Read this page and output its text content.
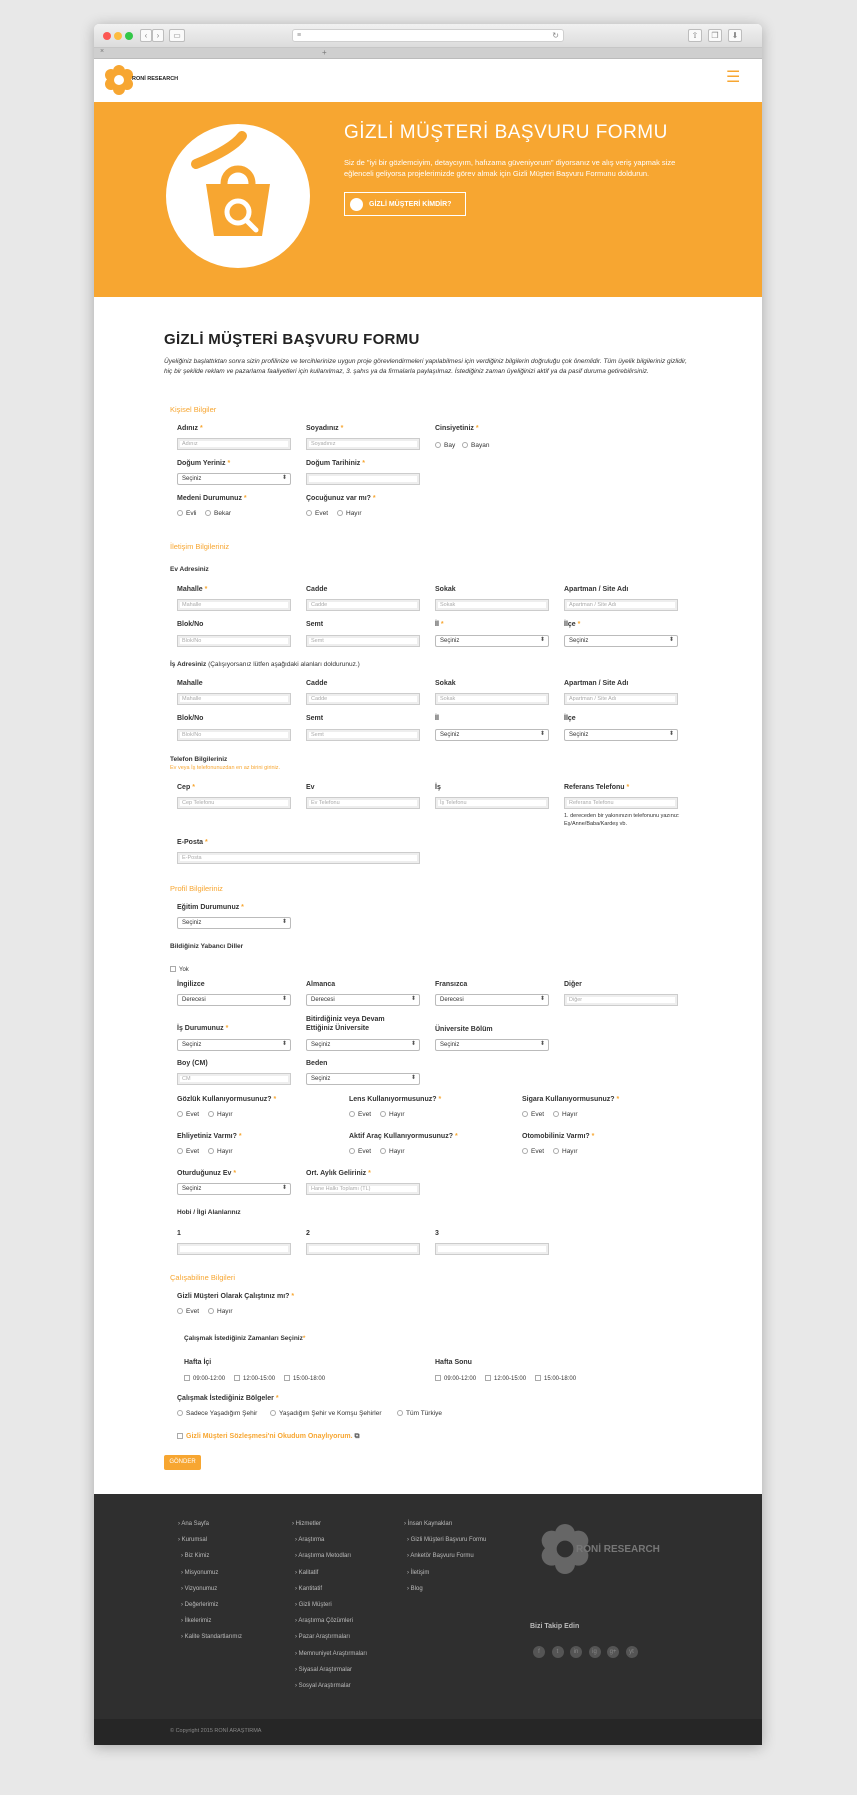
‹	›	▭	≡	↻	⇧	❐	⬇
×	+
RONİ RESEARCH	☰
GİZLİ MÜŞTERİ BAŞVURU FORMU

Siz de "iyi bir gözlemciyim, detaycıyım, hafızama güveniyorum" diyorsanız ve alış veriş yapmak size eğlenceli geliyorsa projelerimizde görev almak için Gizli Müşteri Başvuru Formunu doldurun.

GİZLİ MÜŞTERİ KİMDİR?
GİZLİ MÜŞTERİ BAŞVURU FORMU

Üyeliğiniz başlattıktan sonra sizin profilinize ve tercihlerinize uygun proje görevlendirmeleri yapılabilmesi için verdiğiniz bilgilerin doğruluğu çok önemlidir. Tüm üyelik bilgileriniz gizlidir, hiç bir şekilde reklam ve pazarlama faaliyetleri için kullanılmaz, 3. şahıs ya da firmalarla paylaşılmaz. İstediğiniz zaman üyeliğinizi aktif ya da pasif duruma getirebilirsiniz.

Kişisel Bilgiler
Adınız *
Adınız
Soyadınız *
Soyadınız
Cinsiyetiniz *
Bay	Bayan
Doğum Yeriniz *
Seçiniz ⬍
Doğum Tarihiniz *
Medeni Durumunuz *
Evli	Bekar
Çocuğunuz var mı? *
Evet	Hayır
İletişim Bilgileriniz
Ev Adresiniz
Mahalle *
Mahalle
Cadde
Cadde
Sokak
Sokak
Apartman / Site Adı
Apartman / Site Adı
Blok/No
Blok/No
Semt
Semt
İl *
Seçiniz ⬍
İlçe *
Seçiniz ⬍
İş Adresiniz (Çalışıyorsanız lütfen aşağıdaki alanları doldurunuz.)
Mahalle
Mahalle
Cadde
Cadde
Sokak
Sokak
Apartman / Site Adı
Apartman / Site Adı
Blok/No
Blok/No
Semt
Semt
İl
Seçiniz ⬍
İlçe
Seçiniz ⬍
Telefon Bilgileriniz
Ev veya İş telefonunuzdan en az birini giriniz.
Cep *
Cep Telefonu
Ev
Ev Telefonu
İş
İş Telefonu
Referans Telefonu *
Referans Telefonu
1. dereceden bir yakınınızın telefonunu yazınız: Eş/Anne/Baba/Kardeş vb.
E-Posta *
E-Posta
Profil Bilgileriniz
Eğitim Durumunuz *
Seçiniz ⬍
Bildiğiniz Yabancı Diller
Yok
İngilizce
Derecesi ⬍
Almanca
Derecesi ⬍
Fransızca
Derecesi ⬍
Diğer
Diğer
İş Durumunuz *
Seçiniz ⬍
Bitirdiğiniz veya Devam Ettiğiniz Üniversite
Seçiniz ⬍
Üniversite Bölüm
Seçiniz ⬍
Boy (CM)
CM
Beden
Seçiniz ⬍
Gözlük Kullanıyormusunuz? *
Evet	Hayır
Lens Kullanıyormusunuz? *
Evet	Hayır
Sigara Kullanıyormusunuz? *
Evet	Hayır
Ehliyetiniz Varmı? *
Evet	Hayır
Aktif Araç Kullanıyormusunuz? *
Evet	Hayır
Otomobiliniz Varmı? *
Evet	Hayır
Oturduğunuz Ev *
Seçiniz ⬍
Ort. Aylık Geliriniz *
Hane Halkı Toplamı (TL)
Hobi / İlgi Alanlarınız
1	2	3
Çalışabiline Bilgileri
Gizli Müşteri Olarak Çalıştınız mı? *
Evet	Hayır
Çalışmak İstediğiniz Zamanları Seçiniz*
Hafta İçi
09:00-12:00	12:00-15:00	15:00-18:00
Hafta Sonu
09:00-12:00	12:00-15:00	15:00-18:00
Çalışmak İstediğiniz Bölgeler *
Sadece Yaşadığım Şehir	Yaşadığım Şehir ve Komşu Şehirler	Tüm Türkiye
Gizli Müşteri Sözleşmesi'ni Okudum Onaylıyorum. ⧉
GÖNDER
© Copyright 2015 RONİ ARAŞTIRMA
› Ana Sayfa
› Kurumsal
› Biz Kimiz
› Misyonumuz
› Vizyonumuz
› Değerlerimiz
› İlkelerimiz
› Kalite Standartlarımız
› Hizmetler
› Araştırma
› Araştırma Metodları
› Kalitatif
› Kantitatif
› Gizli Müşteri
› Araştırma Çözümleri
› Pazar Araştırmaları
› Memnuniyet Araştırmaları
› Siyasal Araştırmalar
› Sosyal Araştırmalar
› İnsan Kaynakları
› Gizli Müşteri Başvuru Formu
› Anketör Başvuru Formu
› İletişim
› Blog
RONİ RESEARCH
Bizi Takip Edin
f	t	in	ig	g+	yt
